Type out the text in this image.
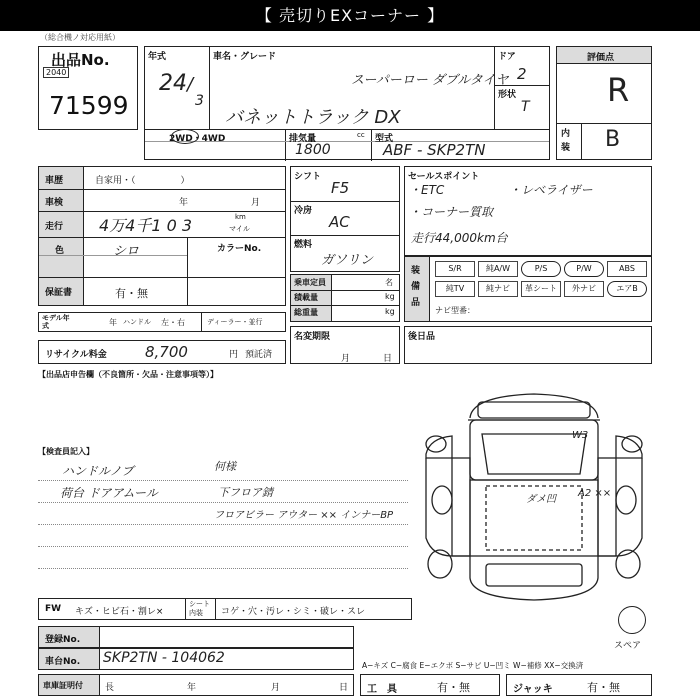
【 売切りEXコーナー 】
（総合機ノ対応用紙）
出品No.
2040
71599
年式
24 /
3
車名・グレード
スーパーロー ダブルタイヤ
バネットトラック DX
ドア
2
形状
T
2WD・4WD	排気量	cc
1800
型式
ABF - SKP2TN
評価点
R
内装 B
車歴	自家用・（　　　　　）
車検	年	月
走行 4万4千1 0 3	km
マイル
色	シロ	カラーNo.
保証書	有・無
モデル年式	年 ハンドル 左・右	ディーラー・並行
リサイクル料金	8,700	円 預託済
シフト
F5
冷房
AC
燃料
ガソリン
乗車定員	名
積載量	kg
総重量	kg
名変期限
月	日
セールスポイント
・ETC	・レベライザー
・コーナー質取
走行44,000km台
装備品
ナビ型番：
S/R	純A/W	P/S	P/W	ABS
純TV	純ナビ	革シート	外ナビ	エアB
後日品
【出品店申告欄（不良箇所・欠品・注意事項等）】
【検査員記入】
ハンドルノブ
荷台 ドアアムール
何様
下フロア錆
フロアビラー アウター ×× インナーBP
W3
ダメ凹
A2 ××
スペア
FW キズ・ヒビ石・割レ×
シート内装	コゲ・穴・汚レ・シミ・破レ・スレ
登録No.
車台No. SKP2TN - 104062
車庫証明付 長	年	月	日
A−キズ C−腐食 E−エクボ S−サビ U−凹ミ W−補修 XX−交換済
工　具	有・無	ジャッキ	有・無
